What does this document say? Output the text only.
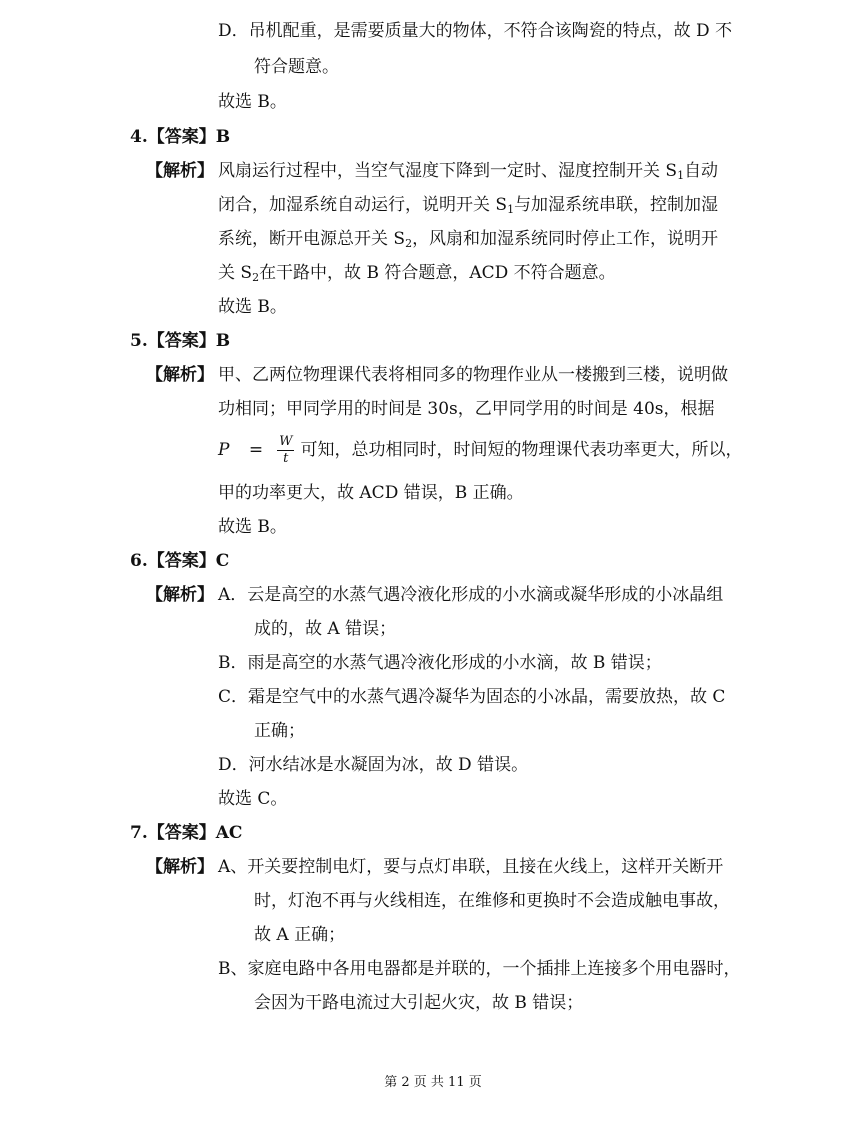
D．吊机配重，是需要质量大的物体，不符合该陶瓷的特点，故 D 不
符合题意。
故选 B。
4.【答案】B
【解析】 风扇运行过程中，当空气湿度下降到一定时、湿度控制开关 $S_1$自动
闭合，加湿系统自动运行，说明开关 $S_1$与加湿系统串联，控制加湿
系统，断开电源总开关 $S_2$，风扇和加湿系统同时停止工作，说明开
关 $S_2$在干路中，故 B 符合题意，ACD 不符合题意。
故选 B。
5.【答案】B
【解析】 甲、乙两位物理课代表将相同多的物理作业从一楼搬到三楼，说明做
功相同；甲同学用的时间是 30s，乙甲同学用的时间是 40s，根据
$P = \frac{W}{t}$ 可知，总功相同时，时间短的物理课代表功率更大，所以，
甲的功率更大，故 ACD 错误，B 正确。
故选 B。
6.【答案】C
【解析】 A．云是高空的水蒸气遇冷液化形成的小水滴或凝华形成的小冰晶组
成的，故 A 错误；
B．雨是高空的水蒸气遇冷液化形成的小水滴，故 B 错误；
C．霜是空气中的水蒸气遇冷凝华为固态的小冰晶，需要放热，故 C
正确；
D．河水结冰是水凝固为冰，故 D 错误。
故选 C。
7.【答案】AC
【解析】 A、开关要控制电灯，要与点灯串联，且接在火线上，这样开关断开
时，灯泡不再与火线相连，在维修和更换时不会造成触电事故，
故 A 正确；
B、家庭电路中各用电器都是并联的，一个插排上连接多个用电器时，
会因为干路电流过大引起火灾，故 B 错误；
第 2 页 共 11 页
